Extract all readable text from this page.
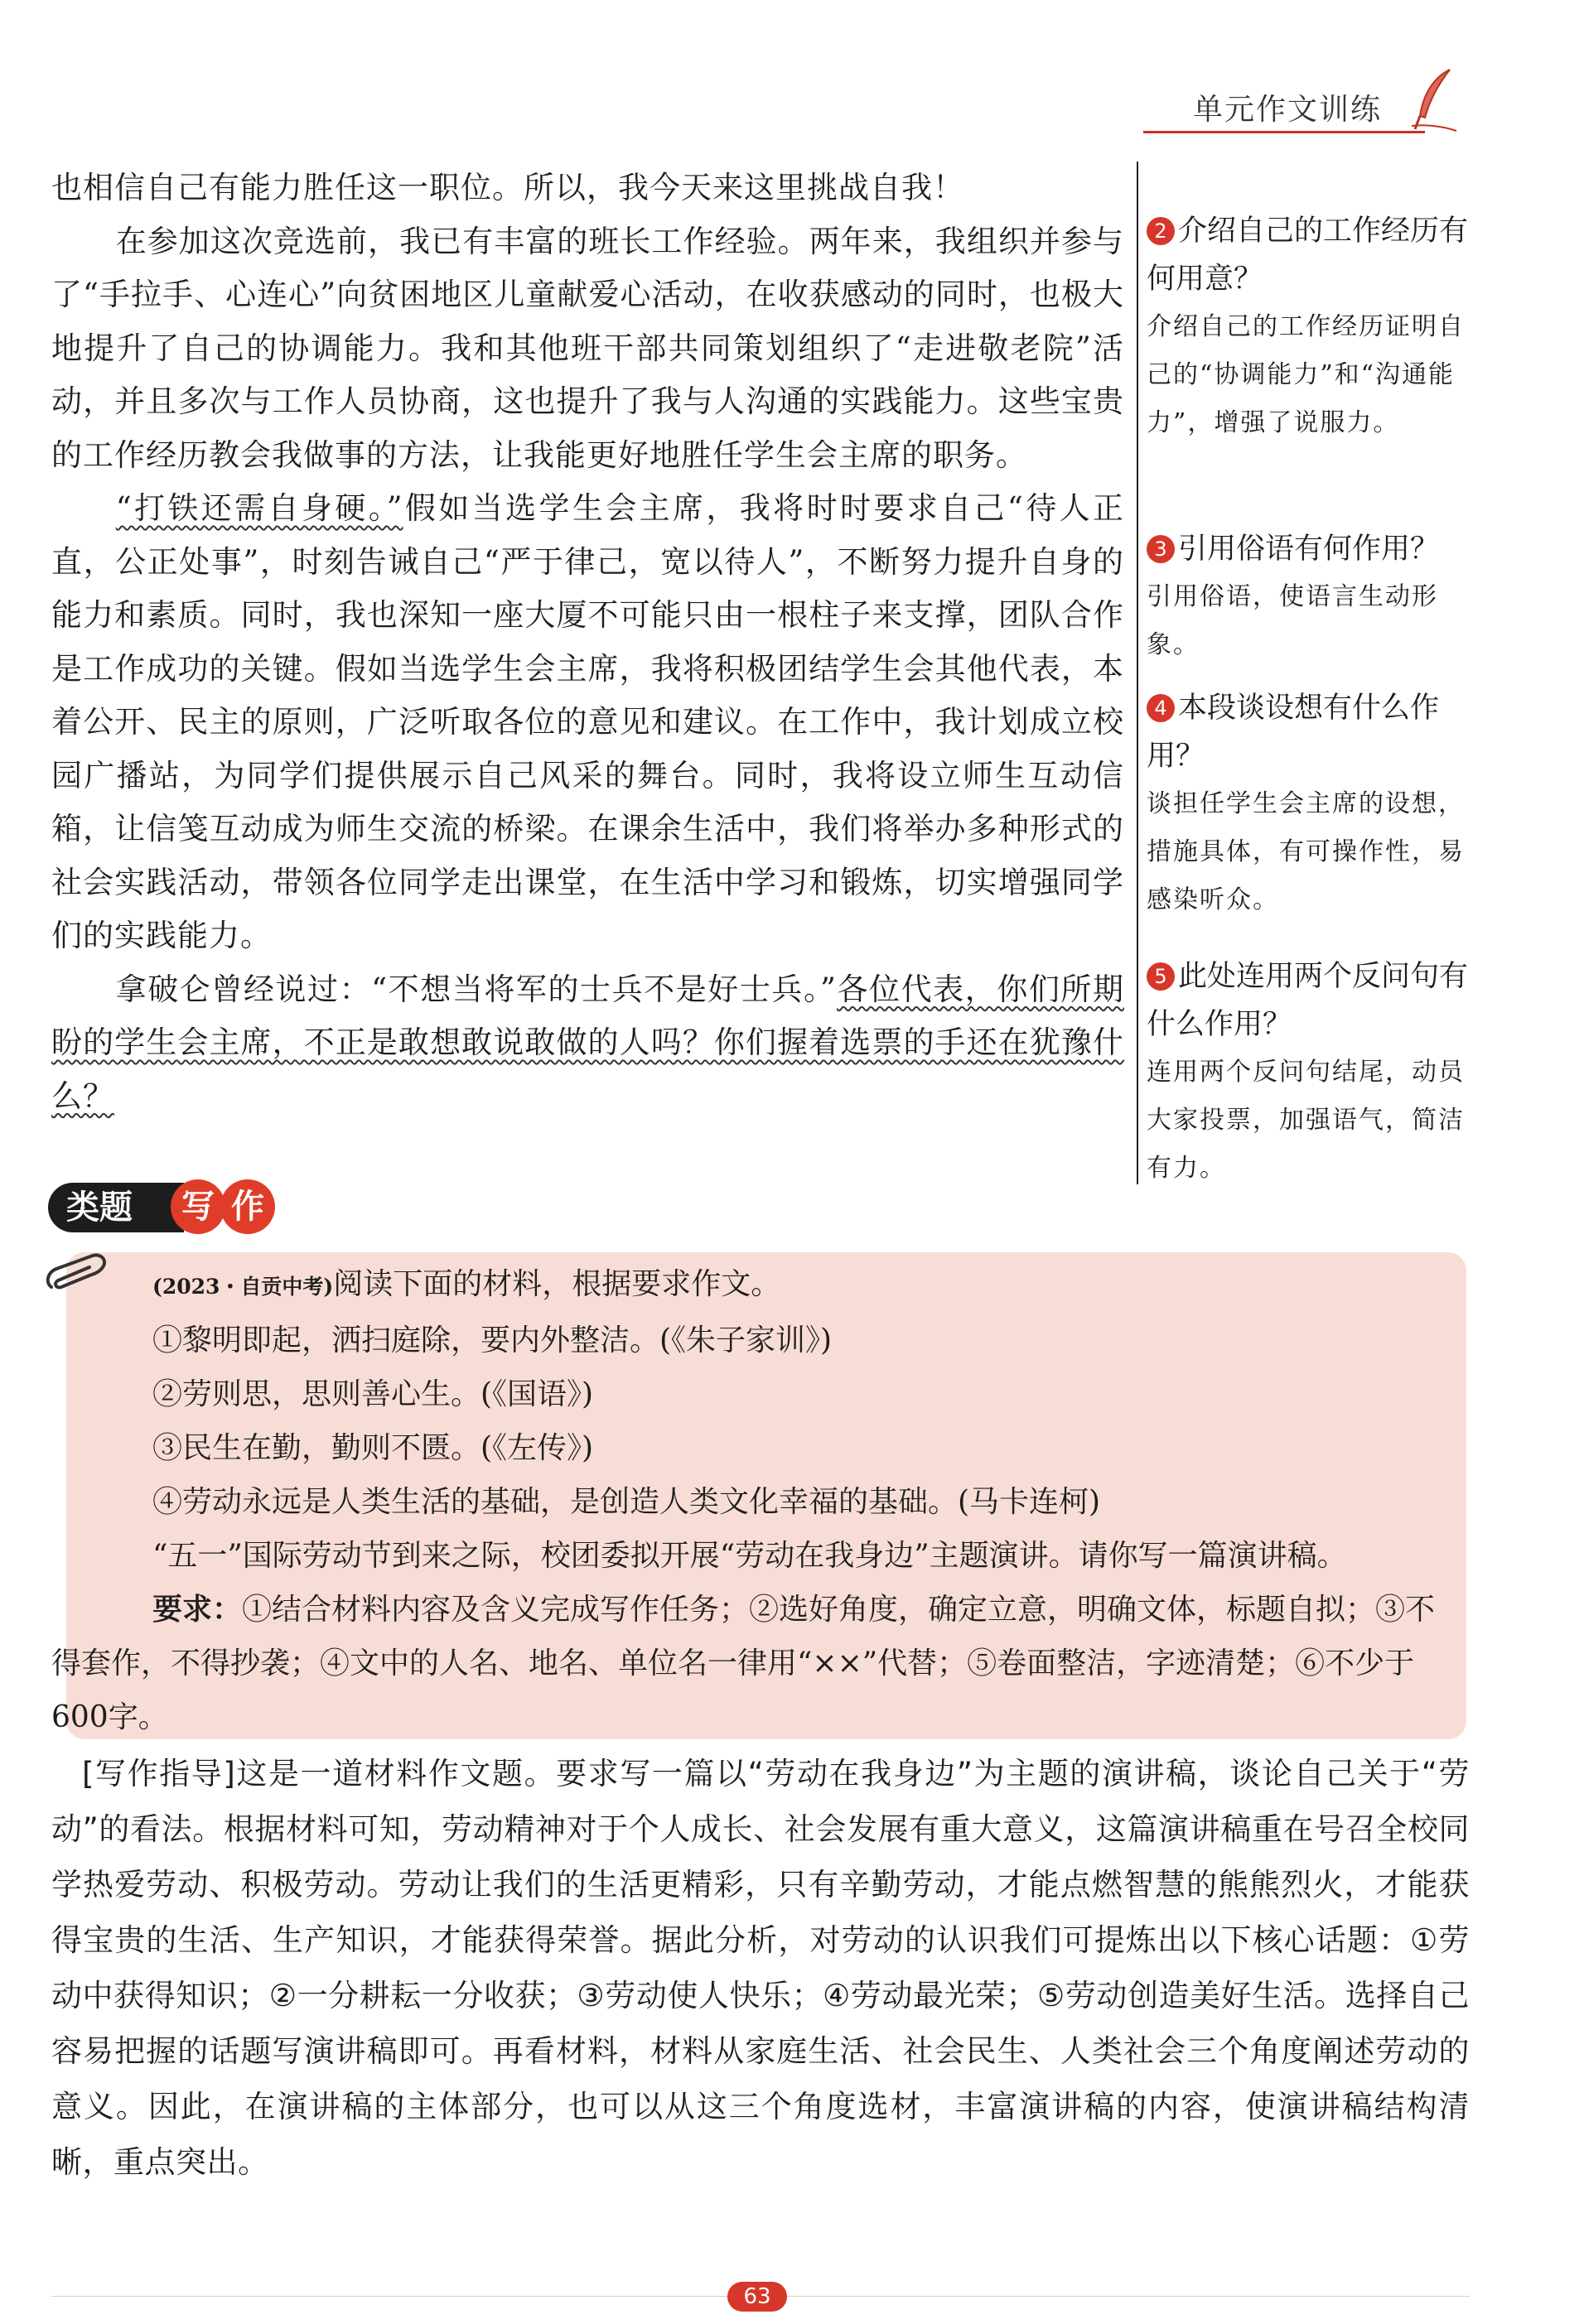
单元作文训练

也相信自己有能力胜任这一职位。所以，我今天来这里挑战自我！

在参加这次竞选前，我已有丰富的班长工作经验。两年来，我组织并参与了“手拉手、心连心”向贫困地区儿童献爱心活动，在收获感动的同时，也极大地提升了自己的协调能力。我和其他班干部共同策划组织了“走进敬老院”活动，并且多次与工作人员协商，这也提升了我与人沟通的实践能力。这些宝贵的工作经历教会我做事的方法，让我能更好地胜任学生会主席的职务。

“打铁还需自身硬。”假如当选学生会主席，我将时时要求自己“待人正直，公正处事”，时刻告诫自己“严于律己，宽以待人”，不断努力提升自身的能力和素质。同时，我也深知一座大厦不可能只由一根柱子来支撑，团队合作是工作成功的关键。假如当选学生会主席，我将积极团结学生会其他代表，本着公开、民主的原则，广泛听取各位的意见和建议。在工作中，我计划成立校园广播站，为同学们提供展示自己风采的舞台。同时，我将设立师生互动信箱，让信笺互动成为师生交流的桥梁。在课余生活中，我们将举办多种形式的社会实践活动，带领各位同学走出课堂，在生活中学习和锻炼，切实增强同学们的实践能力。

拿破仑曾经说过：“不想当将军的士兵不是好士兵。”各位代表，你们所期盼的学生会主席，不正是敢想敢说敢做的人吗？你们握着选票的手还在犹豫什么？

2 介绍自己的工作经历有何用意？

介绍自己的工作经历证明自己的“协调能力”和“沟通能力”，增强了说服力。

3 引用俗语有何作用？

引用俗语，使语言生动形象。

4 本段谈设想有什么作用？

谈担任学生会主席的设想，措施具体，有可操作性，易感染听众。

5 此处连用两个反问句有什么作用？

连用两个反问句结尾，动员大家投票，加强语气，简洁有力。

类题	写 作

(2023・自贡中考)阅读下面的材料，根据要求作文。

①黎明即起，洒扫庭除，要内外整洁。(《朱子家训》)

②劳则思，思则善心生。(《国语》)

③民生在勤，勤则不匮。(《左传》)

④劳动永远是人类生活的基础，是创造人类文化幸福的基础。(马卡连柯)

“五一”国际劳动节到来之际，校团委拟开展“劳动在我身边”主题演讲。请你写一篇演讲稿。

要求：①结合材料内容及含义完成写作任务；②选好角度，确定立意，明确文体，标题自拟；③不得套作，不得抄袭；④文中的人名、地名、单位名一律用“××”代替；⑤卷面整洁，字迹清楚；⑥不少于600字。

[写作指导]这是一道材料作文题。要求写一篇以“劳动在我身边”为主题的演讲稿，谈论自己关于“劳动”的看法。根据材料可知，劳动精神对于个人成长、社会发展有重大意义，这篇演讲稿重在号召全校同学热爱劳动、积极劳动。劳动让我们的生活更精彩，只有辛勤劳动，才能点燃智慧的熊熊烈火，才能获得宝贵的生活、生产知识，才能获得荣誉。据此分析，对劳动的认识我们可提炼出以下核心话题：①劳动中获得知识；②一分耕耘一分收获；③劳动使人快乐；④劳动最光荣；⑤劳动创造美好生活。选择自己容易把握的话题写演讲稿即可。再看材料，材料从家庭生活、社会民生、人类社会三个角度阐述劳动的意义。因此，在演讲稿的主体部分，也可以从这三个角度选材，丰富演讲稿的内容，使演讲稿结构清晰，重点突出。

63
